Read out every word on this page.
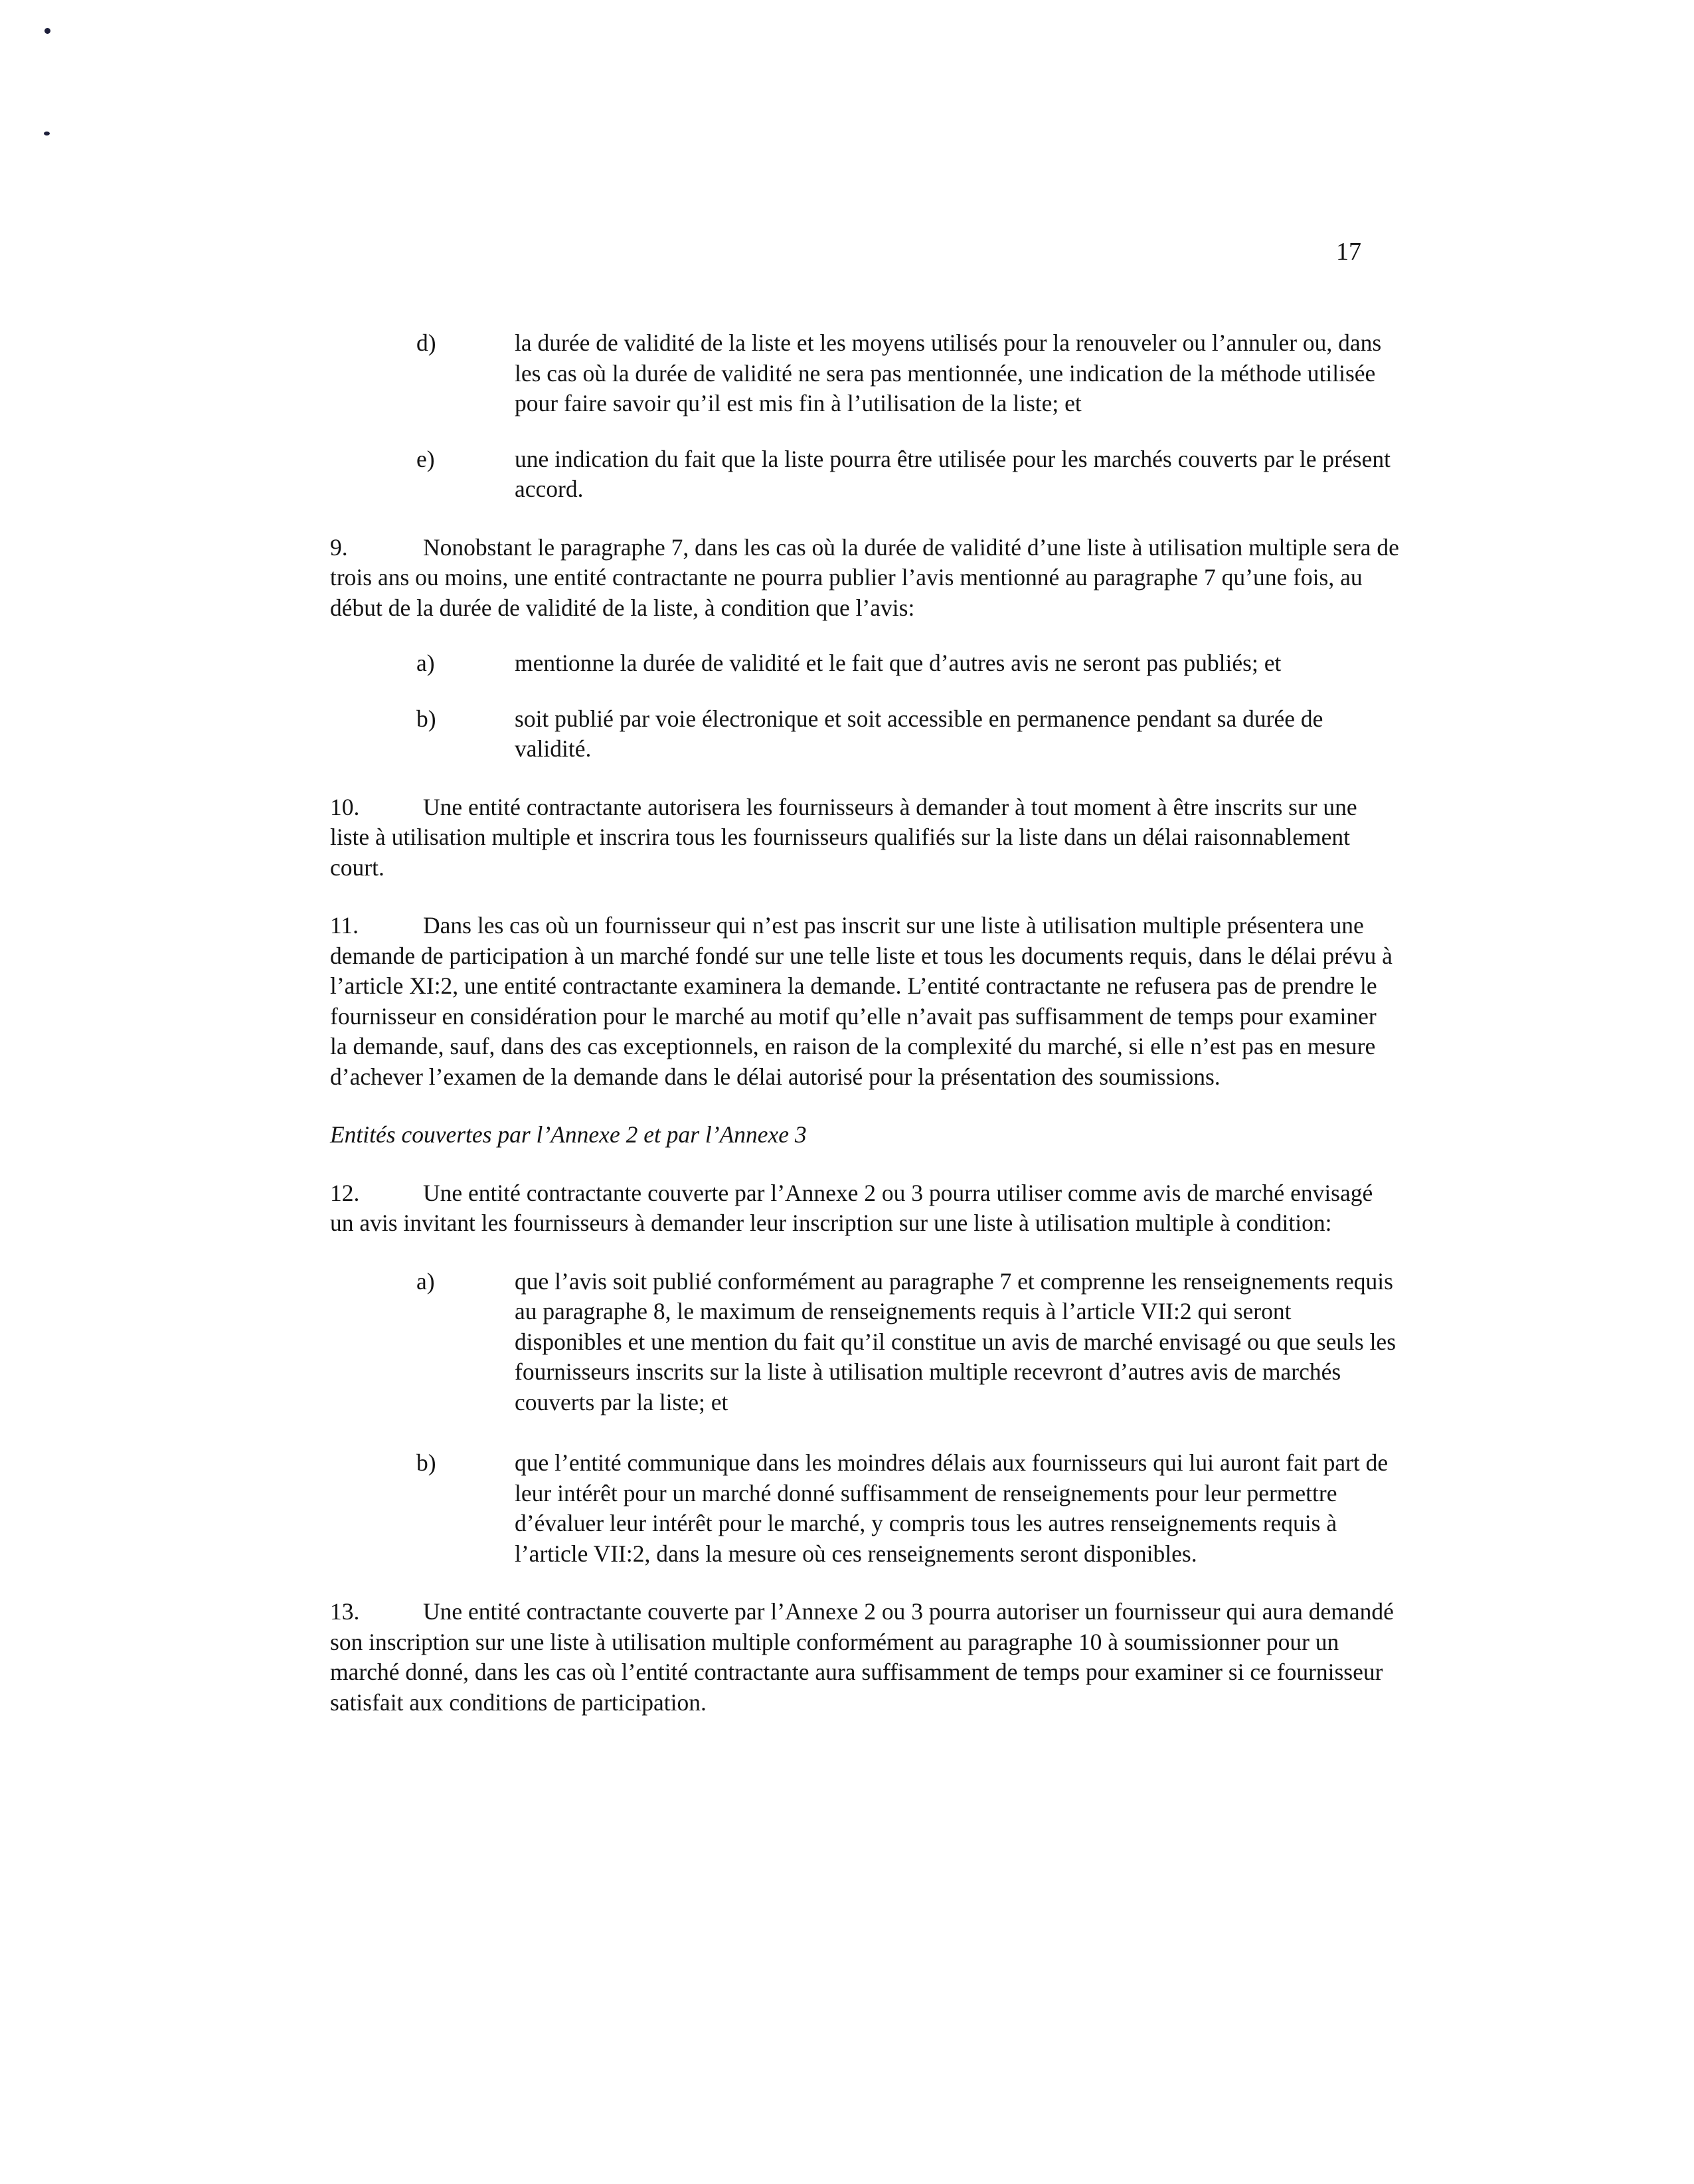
17
d)	la durée de validité de la liste et les moyens utilisés pour la renouveler ou l’annuler ou, dans les cas où la durée de validité ne sera pas mentionnée, une indication de la méthode utilisée pour faire savoir qu’il est mis fin à l’utilisation de la liste; et
e)	une indication du fait que la liste pourra être utilisée pour les marchés couverts par le présent accord.
9.	Nonobstant le paragraphe 7, dans les cas où la durée de validité d’une liste à utilisation multiple sera de trois ans ou moins, une entité contractante ne pourra publier l’avis mentionné au paragraphe 7 qu’une fois, au début de la durée de validité de la liste, à condition que l’avis:
a)	mentionne la durée de validité et le fait que d’autres avis ne seront pas publiés; et
b)	soit publié par voie électronique et soit accessible en permanence pendant sa durée de validité.
10.	Une entité contractante autorisera les fournisseurs à demander à tout moment à être inscrits sur une liste à utilisation multiple et inscrira tous les fournisseurs qualifiés sur la liste dans un délai raisonnablement court.
11.	Dans les cas où un fournisseur qui n’est pas inscrit sur une liste à utilisation multiple présentera une demande de participation à un marché fondé sur une telle liste et tous les documents requis, dans le délai prévu à l’article XI:2, une entité contractante examinera la demande. L’entité contractante ne refusera pas de prendre le fournisseur en considération pour le marché au motif qu’elle n’avait pas suffisamment de temps pour examiner la demande, sauf, dans des cas exceptionnels, en raison de la complexité du marché, si elle n’est pas en mesure d’achever l’examen de la demande dans le délai autorisé pour la présentation des soumissions.
Entités couvertes par l’Annexe 2 et par l’Annexe 3
12.	Une entité contractante couverte par l’Annexe 2 ou 3 pourra utiliser comme avis de marché envisagé un avis invitant les fournisseurs à demander leur inscription sur une liste à utilisation multiple à condition:
a)	que l’avis soit publié conformément au paragraphe 7 et comprenne les renseignements requis au paragraphe 8, le maximum de renseignements requis à l’article VII:2 qui seront disponibles et une mention du fait qu’il constitue un avis de marché envisagé ou que seuls les fournisseurs inscrits sur la liste à utilisation multiple recevront d’autres avis de marchés couverts par la liste; et
b)	que l’entité communique dans les moindres délais aux fournisseurs qui lui auront fait part de leur intérêt pour un marché donné suffisamment de renseignements pour leur permettre d’évaluer leur intérêt pour le marché, y compris tous les autres renseignements requis à l’article VII:2, dans la mesure où ces renseignements seront disponibles.
13.	Une entité contractante couverte par l’Annexe 2 ou 3 pourra autoriser un fournisseur qui aura demandé son inscription sur une liste à utilisation multiple conformément au paragraphe 10 à soumissionner pour un marché donné, dans les cas où l’entité contractante aura suffisamment de temps pour examiner si ce fournisseur satisfait aux conditions de participation.
